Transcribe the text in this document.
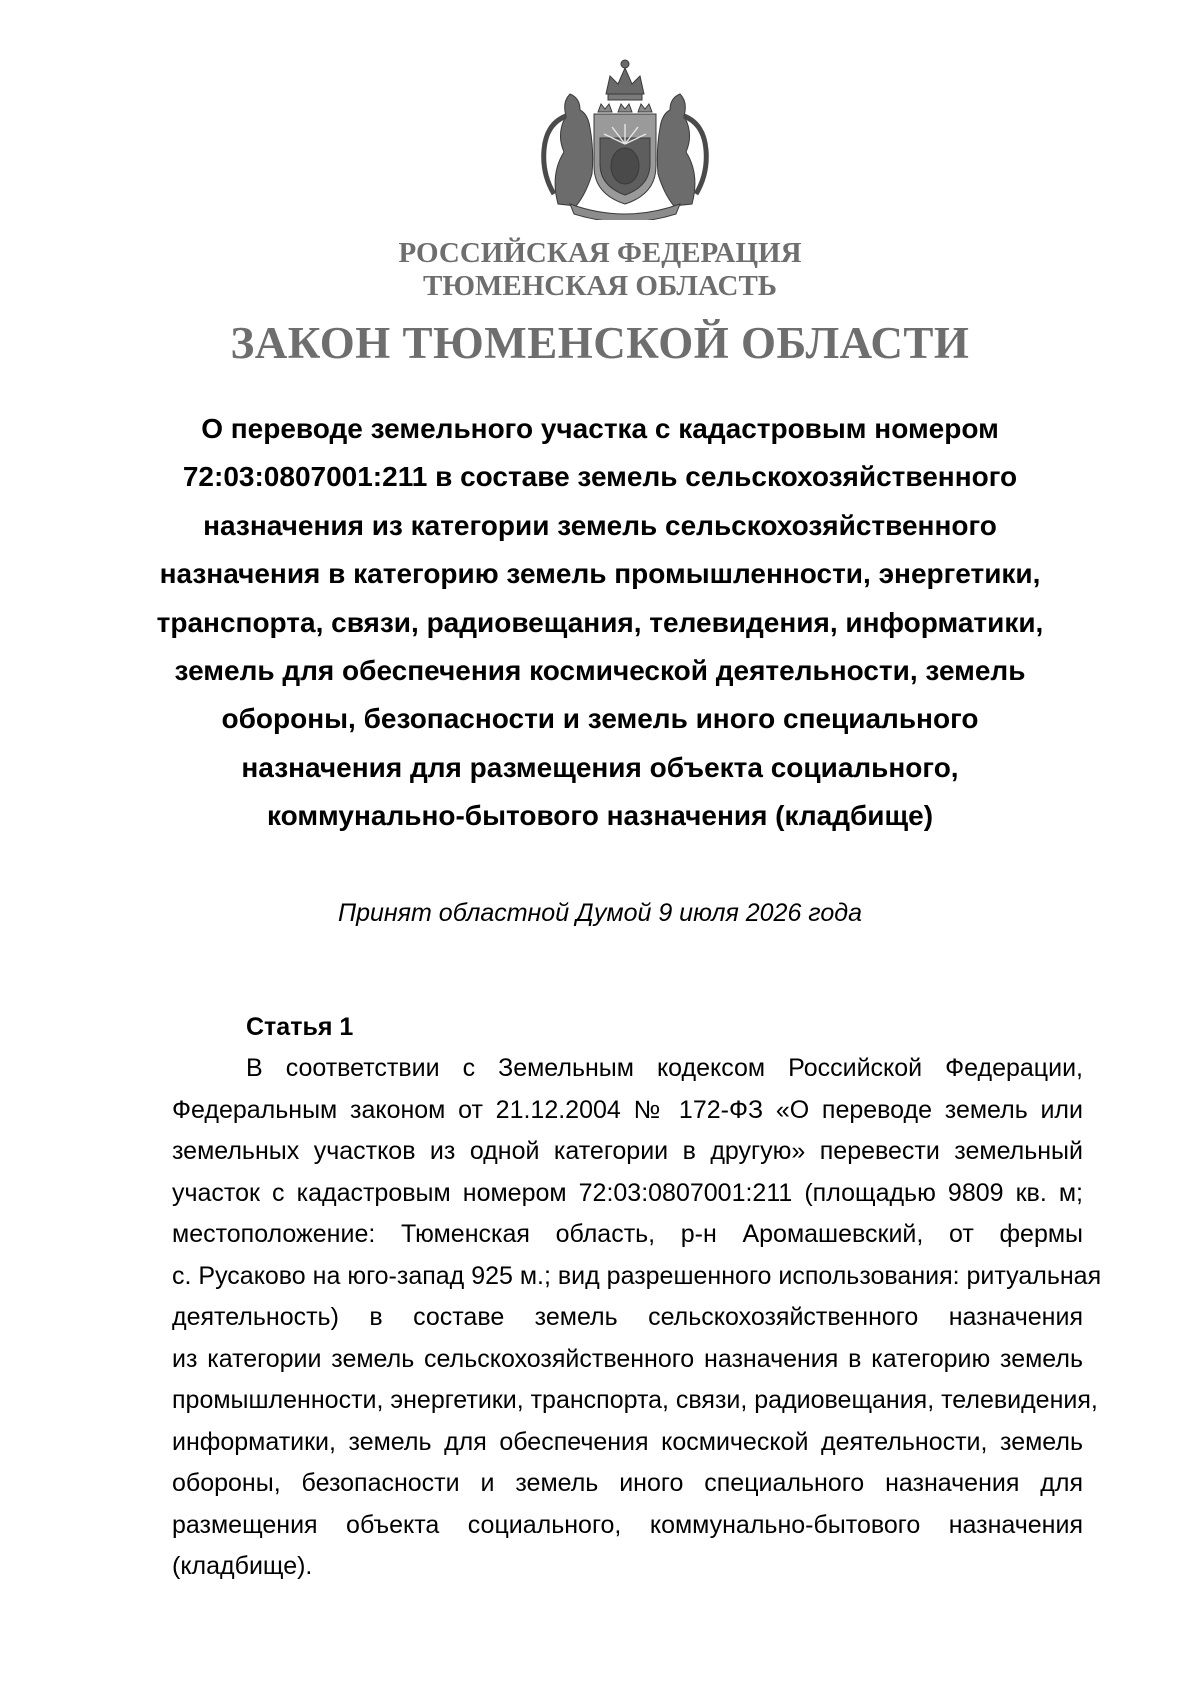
РОССИЙСКАЯ ФЕДЕРАЦИЯ
ТЮМЕНСКАЯ ОБЛАСТЬ
ЗАКОН ТЮМЕНСКОЙ ОБЛАСТИ
О переводе земельного участка с кадастровым номером
72:03:0807001:211 в составе земель сельскохозяйственного
назначения из категории земель сельскохозяйственного
назначения в категорию земель промышленности, энергетики,
транспорта, связи, радиовещания, телевидения, информатики,
земель для обеспечения космической деятельности, земель
обороны, безопасности и земель иного специального
назначения для размещения объекта социального,
коммунально-бытового назначения (кладбище)
Принят областной Думой 9 июля 2026 года
Статья 1
В соответствии с Земельным кодексом Российской Федерации,
Федеральным законом от 21.12.2004 № 172-ФЗ «О переводе земель или
земельных участков из одной категории в другую» перевести земельный
участок с кадастровым номером 72:03:0807001:211 (площадью 9809 кв. м;
местоположение: Тюменская область, р-н Аромашевский, от фермы
с. Русаково на юго-запад 925 м.; вид разрешенного использования: ритуальная
деятельность) в составе земель сельскохозяйственного назначения
из категории земель сельскохозяйственного назначения в категорию земель
промышленности, энергетики, транспорта, связи, радиовещания, телевидения,
информатики, земель для обеспечения космической деятельности, земель
обороны, безопасности и земель иного специального назначения для
размещения объекта социального, коммунально-бытового назначения
(кладбище).
